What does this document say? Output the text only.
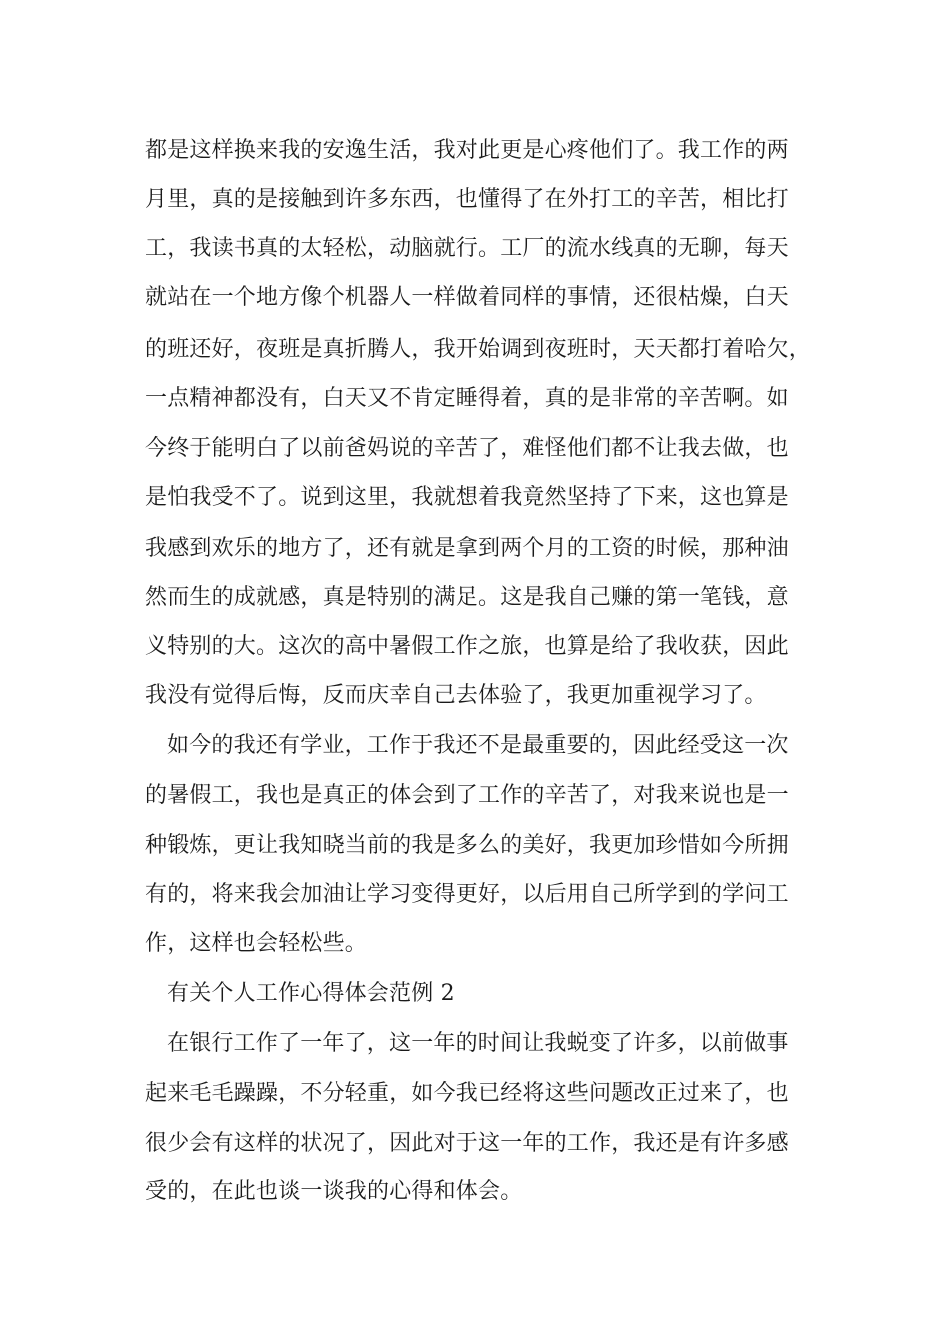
都是这样换来我的安逸生活，我对此更是心疼他们了。我工作的两
月里，真的是接触到许多东西，也懂得了在外打工的辛苦，相比打
工，我读书真的太轻松，动脑就行。工厂的流水线真的无聊，每天
就站在一个地方像个机器人一样做着同样的事情，还很枯燥，白天
的班还好，夜班是真折腾人，我开始调到夜班时，天天都打着哈欠，
一点精神都没有，白天又不肯定睡得着，真的是非常的辛苦啊。如
今终于能明白了以前爸妈说的辛苦了，难怪他们都不让我去做，也
是怕我受不了。说到这里，我就想着我竟然坚持了下来，这也算是
我感到欢乐的地方了，还有就是拿到两个月的工资的时候，那种油
然而生的成就感，真是特别的满足。这是我自己赚的第一笔钱，意
义特别的大。这次的高中暑假工作之旅，也算是给了我收获，因此
我没有觉得后悔，反而庆幸自己去体验了，我更加重视学习了。
如今的我还有学业，工作于我还不是最重要的，因此经受这一次
的暑假工，我也是真正的体会到了工作的辛苦了，对我来说也是一
种锻炼，更让我知晓当前的我是多么的美好，我更加珍惜如今所拥
有的，将来我会加油让学习变得更好，以后用自己所学到的学问工
作，这样也会轻松些。
有关个人工作心得体会范例 2
在银行工作了一年了，这一年的时间让我蜕变了许多，以前做事
起来毛毛躁躁，不分轻重，如今我已经将这些问题改正过来了，也
很少会有这样的状况了，因此对于这一年的工作，我还是有许多感
受的，在此也谈一谈我的心得和体会。
